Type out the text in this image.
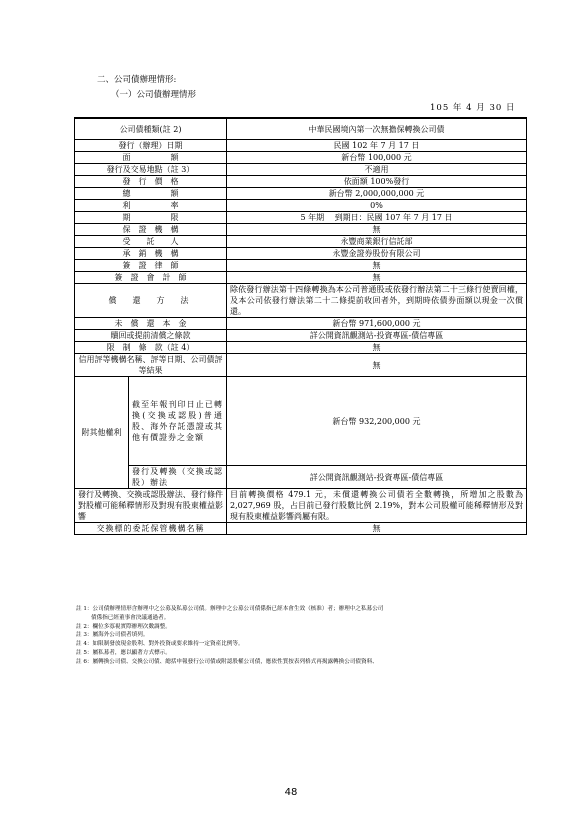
二、公司債辦理情形:
（一）公司債辦理情形
105 年 4 月 30 日
公司債種類(註 2)		中華民國境內第一次無擔保轉換公司債
發行（辦理）日期		民國 102 年 7 月 17 日
面　　　　　額		新台幣 100,000 元
發行及交易地點（註 3）		不適用
發　行　價　格		依面額 100%發行
總　　　　　額		新台幣 2,000,000,000 元
利　　　　　率		0%
期　　　　　限		5 年期　 到期日：民國 107 年 7 月 17 日
保　證　機　構		無
受　　託　　人		永豐商業銀行信託部
承　銷　機　構		永豐金證券股份有限公司
簽　證　律　師		無
簽　證　會　計　師		無
償　還　方　法		除依發行辦法第十四條轉換為本公司普通股或依發行辦法第二十三條行使賣回權，及本公司依發行辦法第二十二條提前收回者外，到期時依債券面額以現金一次償還。
未　償　還　本　金		新台幣 971,600,000 元
贖回或提前清償之條款		詳公開資訊觀測站-投資專區-債信專區
限　制　條　款（註 4）		無
信用評等機構名稱、評等日期、公司債評等結果		無
附其他權利	截至年報刊印日止已轉換(交換或認股)普通股、海外存託憑證或其他有價證券之金額	新台幣 932,200,000 元
	發行及轉換（交換或認股）辦法	詳公開資訊觀測站-投資專區-債信專區
發行及轉換、交換或認股辦法、發行條件對股權可能稀釋情形及對現有股東權益影響		目前轉換價格 479.1 元，未償還轉換公司債若全數轉換，所增加之股數為 2,027,969 股，占目前已發行股數比例 2.19%，對本公司股權可能稀釋情形及對現有股東權益影響尚屬有限。
交換標的委託保管機構名稱		無
註 1：公司債辦理情形含辦理中之公募及私募公司債。辦理中之公募公司債係指已經本會生效（核准）者；辦理中之私募公司
債係指已經董事會決議通過者。
註 2：欄位多寡視實際辦理次數調整。
註 3：屬海外公司債者填列。
註 4：如限制發放現金股利、對外投資或要求維持一定資產比例等。
註 5：屬私募者，應以顯著方式標示。
註 6：屬轉換公司債、交換公司債、總括申報發行公司債或附認股權公司債，應依性質按表列格式再揭露轉換公司債資料、
48
